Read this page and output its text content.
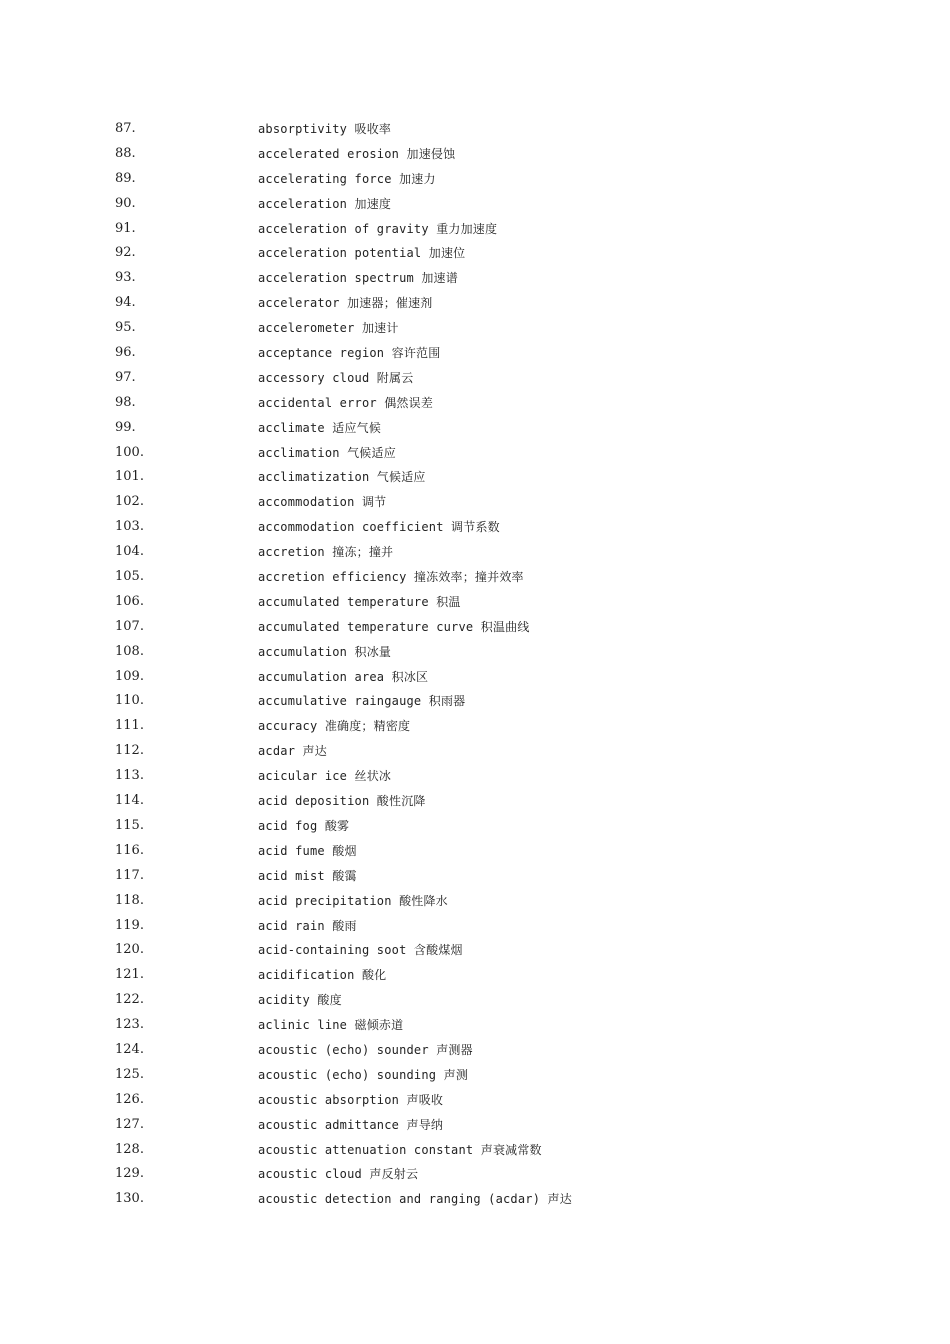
87.	absorptivity 吸收率
88.	accelerated erosion 加速侵蚀
89.	accelerating force 加速力
90.	acceleration 加速度
91.	acceleration of gravity 重力加速度
92.	acceleration potential 加速位
93.	acceleration spectrum 加速谱
94.	accelerator 加速器；催速剂
95.	accelerometer 加速计
96.	acceptance region 容许范围
97.	accessory cloud 附属云
98.	accidental error 偶然误差
99.	acclimate 适应气候
100.	acclimation 气候适应
101.	acclimatization 气候适应
102.	accommodation 调节
103.	accommodation coefficient 调节系数
104.	accretion 撞冻；撞并
105.	accretion efficiency 撞冻效率；撞并效率
106.	accumulated temperature 积温
107.	accumulated temperature curve 积温曲线
108.	accumulation 积冰量
109.	accumulation area 积冰区
110.	accumulative raingauge 积雨器
111.	accuracy 准确度；精密度
112.	acdar 声达
113.	acicular ice 丝状冰
114.	acid deposition 酸性沉降
115.	acid fog 酸雾
116.	acid fume 酸烟
117.	acid mist 酸霭
118.	acid precipitation 酸性降水
119.	acid rain 酸雨
120.	acid-containing soot 含酸煤烟
121.	acidification 酸化
122.	acidity 酸度
123.	aclinic line 磁倾赤道
124.	acoustic (echo) sounder 声测器
125.	acoustic (echo) sounding 声测
126.	acoustic absorption 声吸收
127.	acoustic admittance 声导纳
128.	acoustic attenuation constant 声衰减常数
129.	acoustic cloud 声反射云
130.	acoustic detection and ranging (acdar) 声达
